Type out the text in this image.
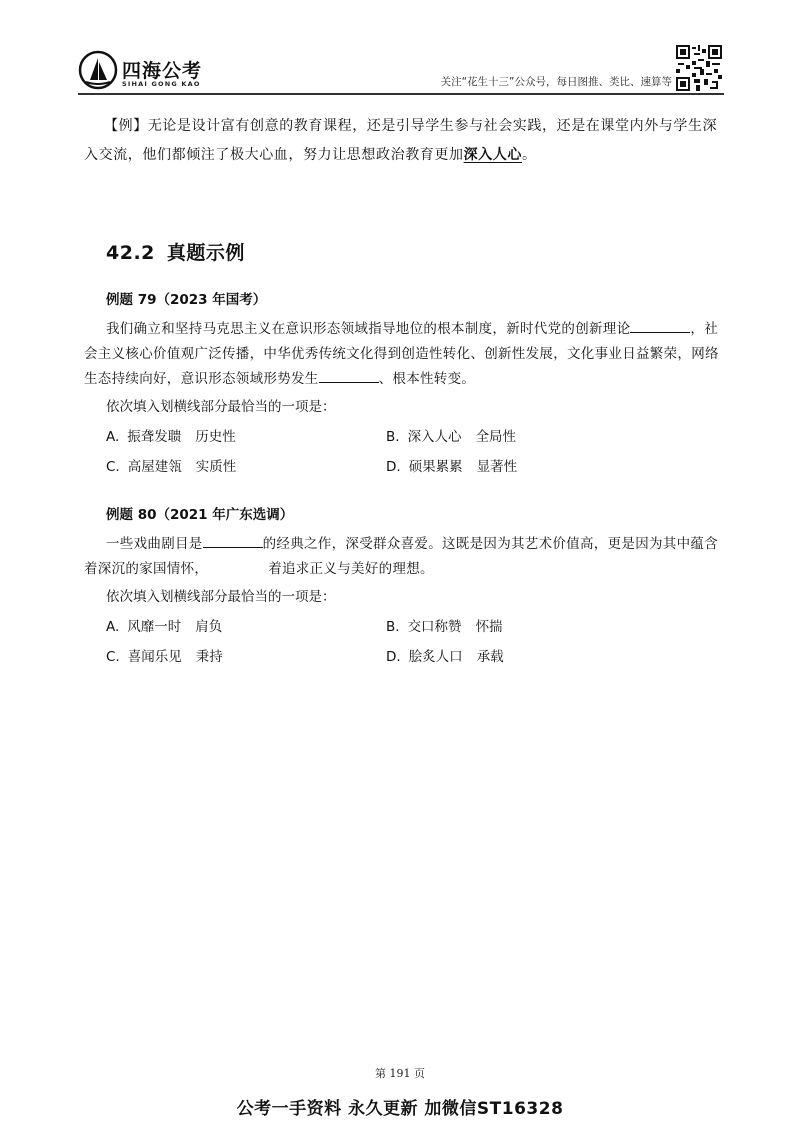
四海公考
SIHAI GONG KAO	关注“花生十三”公众号，每日图推、类比、速算等

【例】无论是设计富有创意的教育课程，还是引导学生参与社会实践，还是在课堂内外与学生深入交流，他们都倾注了极大心血，努力让思想政治教育更加深入人心。

42.2 真题示例
例题 79（2023 年国考）

我们确立和坚持马克思主义在意识形态领域指导地位的根本制度，新时代党的创新理论	，社会主义核心价值观广泛传播，中华优秀传统文化得到创造性转化、创新性发展，文化事业日益繁荣，网络生态持续向好，意识形态领域形势发生	、根本性转变。

依次填入划横线部分最恰当的一项是：
A. 振聋发聩 历史性	B. 深入人心 全局性
C. 高屋建瓴 实质性	D. 硕果累累 显著性
例题 80（2021 年广东选调）

一些戏曲剧目是	的经典之作，深受群众喜爱。这既是因为其艺术价值高，更是因为其中蕴含着深沉的家国情怀，	着追求正义与美好的理想。

依次填入划横线部分最恰当的一项是：
A. 风靡一时 肩负	B. 交口称赞 怀揣
C. 喜闻乐见 秉持	D. 脍炙人口 承载
第 191 页
公考一手资料 永久更新 加微信ST16328
